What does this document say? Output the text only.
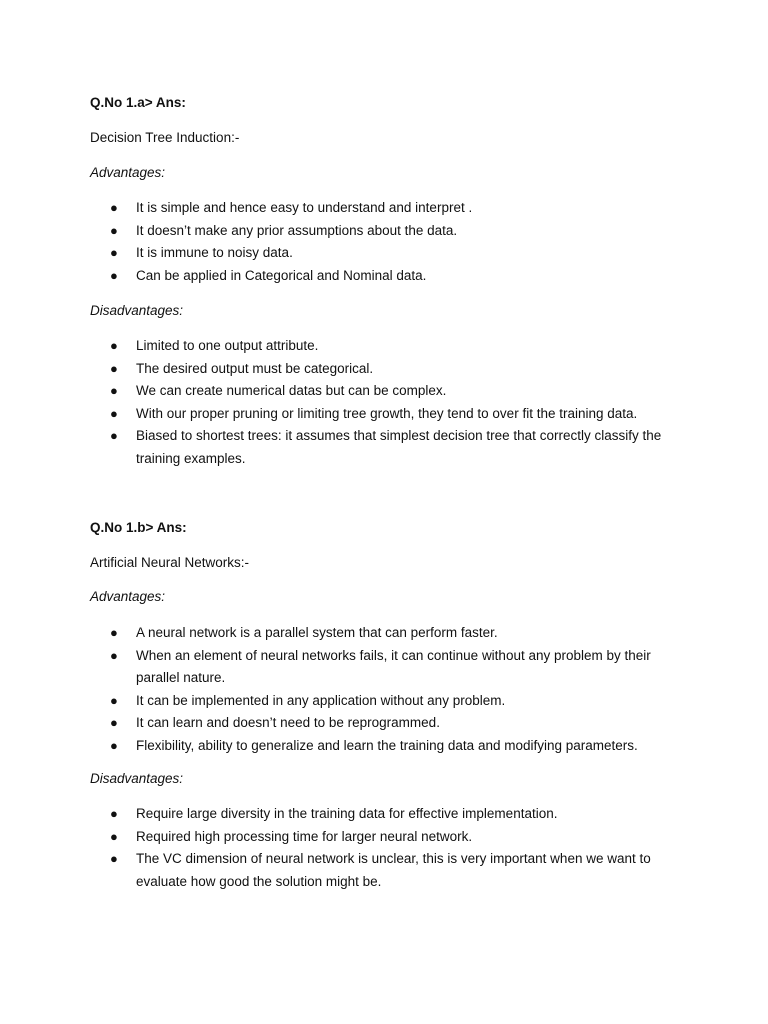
Q.No 1.a> Ans:
Decision Tree Induction:-
Advantages:
● It is simple and hence easy to understand and interpret .
● It doesn’t make any prior assumptions about the data.
● It is immune to noisy data.
● Can be applied in Categorical and Nominal data.
Disadvantages:
● Limited to one output attribute.
● The desired output must be categorical.
● We can create numerical datas but can be complex.
● With our proper pruning or limiting tree growth, they tend to over fit the training data.
● Biased to shortest trees: it assumes that simplest decision tree that correctly classify the training examples.
Q.No 1.b> Ans:
Artificial Neural Networks:-
Advantages:
● A neural network is a parallel system that can perform faster.
● When an element of neural networks fails, it can continue without any problem by their parallel nature.
● It can be implemented in any application without any problem.
● It can learn and doesn’t need to be reprogrammed.
● Flexibility, ability to generalize and learn the training data and modifying parameters.
Disadvantages:
● Require large diversity in the training data for effective implementation.
● Required high processing time for larger neural network.
● The VC dimension of neural network is unclear, this is very important when we want to evaluate how good the solution might be.
